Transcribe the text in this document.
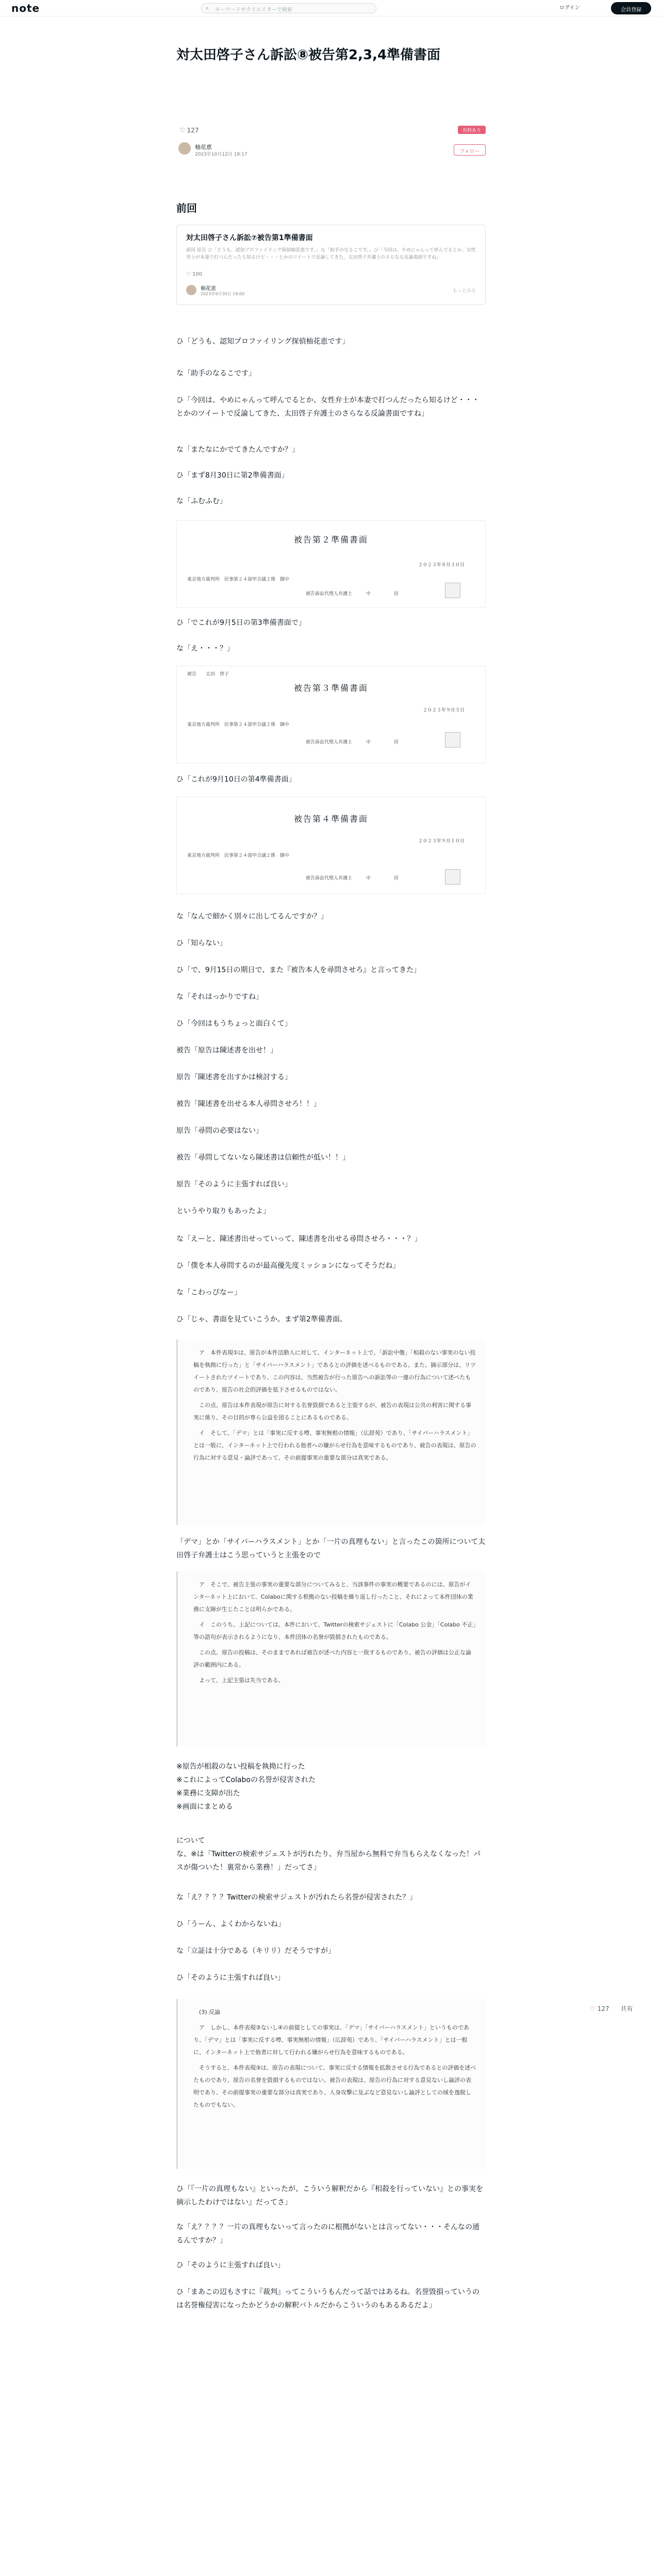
note	⌕ キーワードやクリエイターで検索	ログイン	会員登録
対太田啓子さん訴訟⑧被告第2,3,4準備書面
♡ 127	有料あり
柚花恵
2023年10月12日 19:17	フォロー
前回
対太田啓子さん訴訟⑦被告第1準備書面
前回 原告 ひ「どうも、認知プロファイリング探偵柚花恵です。」な「助手のなるこです。」ひ「今回は、やめにゃんって呼んでるとか、女性弁士が本妻で打つんだったら知るけど・・・とかのツイートで反論してきた、太田啓子弁護士のさらなる反論書面ですね」
♡ 100
柚花恵
2023年9月30日 19:00
もっとみる
ひ「どうも、認知プロファイリング探偵柚花恵です」
な「助手のなるこです」
ひ「今回は、やめにゃんって呼んでるとか、女性弁士が本妻で打つんだったら知るけど・・・とかのツイートで反論してきた、太田啓子弁護士のさらなる反論書面ですね」
な「またなにかでてきたんですか？」
ひ「まず8月30日に第2準備書面」
な「ふむふむ」
被告第２準備書面
２０２３年８月３０日
東京地方裁判所　民事第２４部甲合議２係　御中
被告訴訟代理人弁護士　　　中　　　　　居
ひ「でこれが9月5日の第3準備書面で」
な「え・・・？」
被告　　太田　啓子
被告第３準備書面
２０２３年９月５日
東京地方裁判所　民事第２４部甲合議２係　御中
被告訴訟代理人弁護士　　　中　　　　　居
ひ「これが9月10日の第4準備書面」
被告第４準備書面
２０２３年９月１０日
東京地方裁判所　民事第２４部甲合議２係　御中
被告訴訟代理人弁護士　　　中　　　　　居
な「なんで細かく別々に出してるんですか？」
ひ「知らない」
ひ「で、9月15日の期日で、また『被告本人を尋問させろ』と言ってきた」
な「それはっかりですね」
ひ「今回はもうちょっと面白くて」
被告「原告は陳述書を出せ！」
原告「陳述書を出すかは検討する」
被告「陳述書を出せる本人尋問させろ！！」
原告「尋問の必要はない」
被告「尋問してないなら陳述書は信頼性が低い！！」
原告「そのように主張すれば良い」
というやり取りもあったよ」
な「えーと、陳述書出せっていって、陳述書を出せる尋問させろ・・・？」
ひ「僕を本人尋問するのが最高優先度ミッションになってそうだね」
な「こわっぴなー」
ひ「じゃ、書面を見ていこうか。まず第2準備書面。

ア　本件表現①は、原告が本件活動人に対して、インターネット上で、「訴訟中傷」「相殺のない事実のない投稿を執拗に行った」と「サイバーハラスメント」であるとの評価を述べるものである。また、摘示部分は、リツイートされたツイートであり、この内容は、当然被告が行った原告への訴訟等の一連の行為について述べたものであり、原告の社会的評価を低下させるものではない。

この点、原告は本件表現が原告に対する名誉毀損であると主張するが、被告の表現は公共の利害に関する事実に係り、その目的が専ら公益を図ることにあるものである。

イ　そして、「デマ」とは「事実に反する噂、事実無根の情報」（広辞苑）であり、「サイバーハラスメント」とは一般に、インターネット上で行われる他者への嫌がらせ行為を意味するものであり、被告の表現は、原告の行為に対する意見・論評であって、その前提事実の重要な部分は真実である。

「デマ」とか「サイバーハラスメント」とか「一片の真理もない」と言ったこの箇所について太田啓子弁護士はこう思っていうと主張をので

ア　そこで、被告主張の事実の重要な部分についてみると、当該事件の事実の概要であるのには、原告がインターネット上において、Colaboに関する根拠のない投稿を繰り返し行ったこと、それによって本件団体の業務に支障が生じたことは明らかである。

イ　このうち、上記については、本件において、Twitterの検索サジェストに「Colabo 公金」「Colabo 不正」等の語句が表示されるようになり、本件団体の名誉が毀損されたものである。

この点、原告の投稿は、そのままであれば被告が述べた内容と一致するものであり、被告の評価は公正な論評の範囲内にある。

よって、上記主張は失当である。

※原告が相殺のない投稿を執拗に行った
※これによってColaboの名誉が侵害された
※業務に支障が出た
※画面にまとめる
について
な、※は「Twitterの検索サジェストが汚れたり、弁当屋から無料で弁当もらえなくなった！パスが傷ついた！裏常から業務！」だってさ」
な「え？？？？Twitterの検索サジェストが汚れたら名誉が侵害された？」
ひ「うーん、よくわからないね」
な「立証は十分である（キリリ）だそうですが」
ひ「そのように主張すれば良い」

(3) 反論

ア　しかし、本件表現③ないし④の前提としての事実は、「デマ」「サイバーハラスメント」というものであり、「デマ」とは「事実に反する噂、事実無根の情報」（広辞苑）であり、「サイバーハラスメント」とは一般に、インターネット上で他者に対して行われる嫌がらせ行為を意味するものである。

そうすると、本件表現③は、原告の表現について、事実に反する情報を拡散させる行為であるとの評価を述べたものであり、原告の名誉を毀損するものではない。被告の表現は、原告の行為に対する意見ないし論評の表明であり、その前提事実の重要な部分は真実であり、人身攻撃に及ぶなど意見ないし論評としての域を逸脱したものでもない。

ひ「『一片の真理もない』といったが、こういう解釈だから『相殺を行っていない』との事実を摘示したわけではない』だってさ」
な「え？？？？一片の真理もないって言ったのに根拠がないとは言ってない・・・そんなの通るんですか？」
ひ「そのように主張すれば良い」
ひ「まあこの辺もさすに『裁判』ってこういうもんだって話ではあるね。名誉毀損っていうのは名誉権侵害になったかどうかの解釈バトルだからこういうのもあるあるだよ」
♡ 127 共有
